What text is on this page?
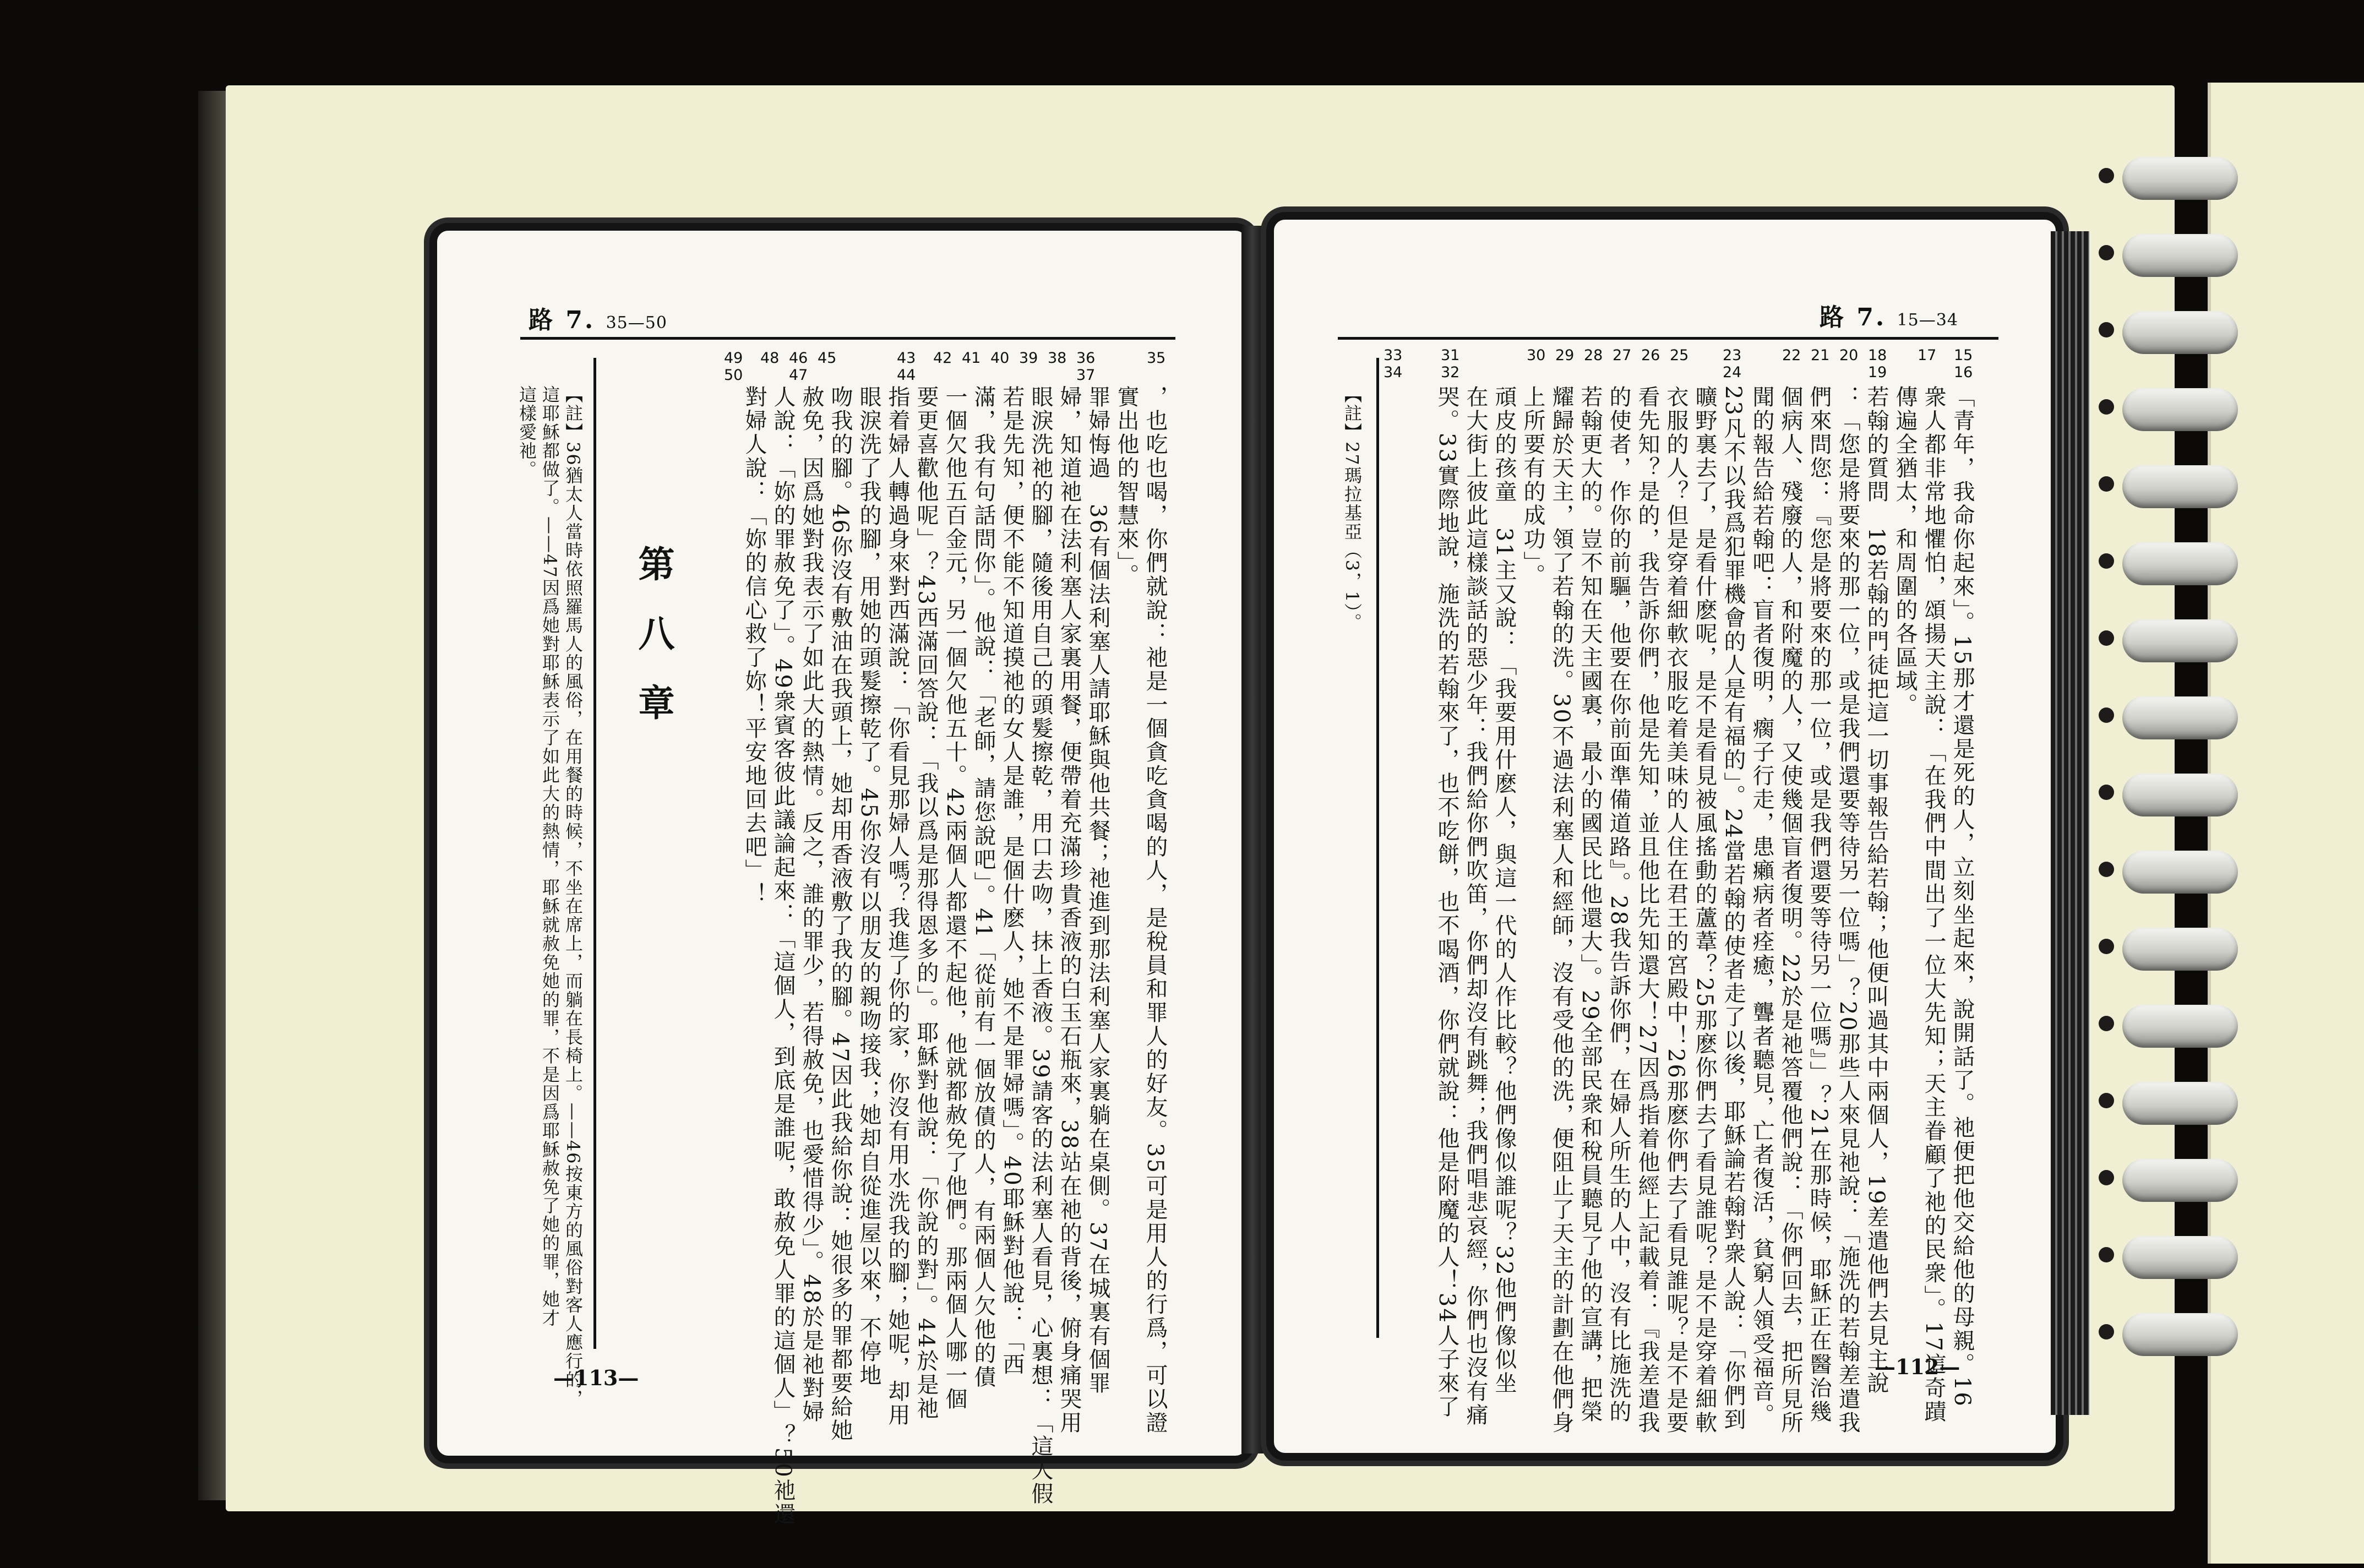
路 7. 35—50
—113—
35
36
37
38
39
40
41
42
43
44
45
46
47
48
49
50
，也吃也喝，你們就說：祂是一個貪吃貪喝的人，是稅員和罪人的好友。35可是用人的行爲，可以證
實出他的智慧來」。
罪婦悔過　36有個法利塞人請耶穌與他共餐；祂進到那法利塞人家裏躺在桌側。37在城裏有個罪
婦，知道祂在法利塞人家裏用餐，便帶着充滿珍貴香液的白玉石瓶來，38站在祂的背後，俯身痛哭用
眼淚洗祂的腳，隨後用自己的頭髮擦乾，用口去吻，抹上香液。39請客的法利塞人看見，心裏想：「這人假
若是先知，便不能不知道摸祂的女人是誰，是個什麽人，她不是罪婦嗎」。40耶穌對他說：「西
滿，我有句話問你」。他說：「老師，請您說吧」。41「從前有一個放債的人，有兩個人欠他的債
一個欠他五百金元，另一個欠他五十。42兩個人都還不起他，他就都赦免了他們。那兩個人哪一個
要更喜歡他呢」？43西滿回答說：「我以爲是那得恩多的」。耶穌對他說：「你說的對」。44於是祂
指着婦人轉過身來對西滿說：「你看見那婦人嗎？我進了你的家，你沒有用水洗我的腳；她呢，却用
眼淚洗了我的腳，用她的頭髮擦乾了。45你沒有以朋友的親吻接我；她却自從進屋以來，不停地
吻我的腳。46你沒有敷油在我頭上，她却用香液敷了我的腳。47因此我給你說：她很多的罪都要給她
赦免，因爲她對我表示了如此大的熱情。反之，誰的罪少，若得赦免，也愛惜得少」。48於是祂對婦
人說：「妳的罪赦免了」。49衆賓客彼此議論起來：「這個人，到底是誰呢，敢赦免人罪的這個人」？50祂還
對婦人說：「妳的信心救了妳！平安地回去吧」！
第八章
【註】36猶太人當時依照羅馬人的風俗，在用餐的時候，不坐在席上，而躺在長椅上。——46按東方的風俗對客人應行的，
這耶穌都做了。——47因爲她對耶穌表示了如此大的熱情，耶穌就赦免她的罪，不是因爲耶穌赦免了她的罪，她才
這樣愛祂。
路 7. 15—34
—112—
15
16
17
18
19
20
21
22
23
24
25
26
27
28
29
30
31
32
33
34
「青年，我命你起來」。15那才還是死的人，立刻坐起來，說開話了。祂便把他交給他的母親。16
衆人都非常地懼怕，頌揚天主說：「在我們中間出了一位大先知；天主眷顧了祂的民衆」。17這奇蹟
傳遍全猶太，和周圍的各區域。
若翰的質問　18若翰的門徒把這一切事報告給若翰；他便叫過其中兩個人，19差遣他們去見主說
：「您是將要來的那一位，或是我們還要等待另一位嗎」？20那些人來見祂說：「施洗的若翰差遣我
們來問您：『您是將要來的那一位，或是我們還要等待另一位嗎』」？21在那時候，耶穌正在醫治幾
個病人、殘廢的人，和附魔的人，又使幾個盲者復明。22於是祂答覆他們說：「你們回去，把所見所
聞的報告給若翰吧：盲者復明，瘸子行走，患癩病者痊癒，聾者聽見，亡者復活，貧窮人領受福音。
23凡不以我爲犯罪機會的人是有福的」。24當若翰的使者走了以後，耶穌論若翰對衆人說：「你們到
曠野裏去了，是看什麽呢，是不是看見被風搖動的蘆葦？25那麽你們去了看見誰呢？是不是穿着細軟
衣服的人？但是穿着細軟衣服吃着美味的人住在君王的宮殿中！26那麽你們去了看見誰呢？是不是要
看先知？是的，我告訴你們，他是先知，並且他比先知還大！27因爲指着他經上記載着：『我差遣我
的使者，作你的前驅，他要在你前面準備道路』。28我告訴你們，在婦人所生的人中，沒有比施洗的
若翰更大的。豈不知在天主國裏，最小的國民比他還大」。29全部民衆和稅員聽見了他的宣講，把榮
耀歸於天主，領了若翰的洗。30不過法利塞人和經師，沒有受他的洗，便阻止了天主的計劃在他們身
上所要有的成功」。
頑皮的孩童　31主又說：「我要用什麽人，與這一代的人作比較？他們像似誰呢？32他們像似坐
在大街上彼此這樣談話的惡少年：我們給你們吹笛，你們却沒有跳舞；我們唱悲哀經，你們也沒有痛
哭。33實際地說，施洗的若翰來了，也不吃餅，也不喝酒，你們就說：他是附魔的人！34人子來了
【註】27瑪拉基亞（3，1）。
